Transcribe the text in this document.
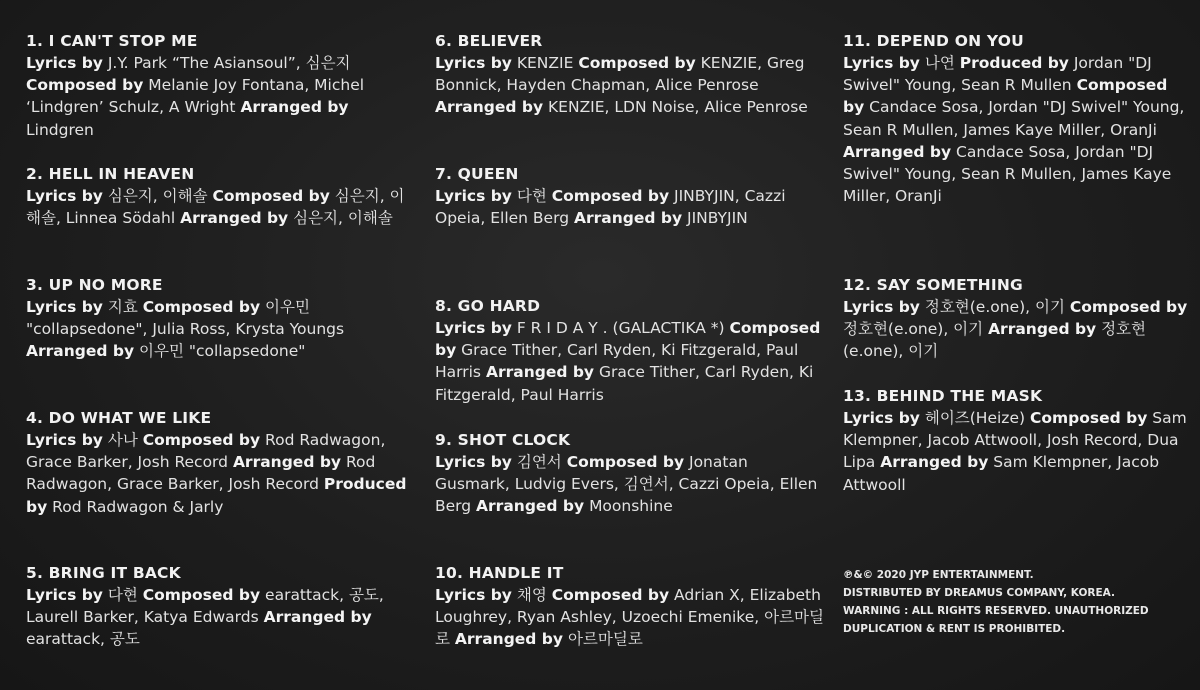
1. I CAN'T STOP ME

Lyrics by J.Y. Park “The Asiansoul”, 심은지 Composed by Melanie Joy Fontana, Michel ‘Lindgren’ Schulz, A Wright Arranged by Lindgren

2. HELL IN HEAVEN

Lyrics by 심은지, 이해솔 Composed by 심은지, 이해솔, Linnea Södahl Arranged by 심은지, 이해솔

3. UP NO MORE

Lyrics by 지효 Composed by 이우민 "collapsedone", Julia Ross, Krysta Youngs Arranged by 이우민 "collapsedone"

4. DO WHAT WE LIKE

Lyrics by 사나 Composed by Rod Radwagon, Grace Barker, Josh Record Arranged by Rod Radwagon, Grace Barker, Josh Record Produced by Rod Radwagon & Jarly

5. BRING IT BACK

Lyrics by 다현 Composed by earattack, 공도, Laurell Barker, Katya Edwards Arranged by earattack, 공도

6. BELIEVER

Lyrics by KENZIE Composed by KENZIE, Greg Bonnick, Hayden Chapman, Alice Penrose Arranged by KENZIE, LDN Noise, Alice Penrose

7. QUEEN

Lyrics by 다현 Composed by JINBYJIN, Cazzi Opeia, Ellen Berg Arranged by JINBYJIN

8. GO HARD

Lyrics by F R I D A Y . (GALACTIKA *) Composed by Grace Tither, Carl Ryden, Ki Fitzgerald, Paul Harris Arranged by Grace Tither, Carl Ryden, Ki Fitzgerald, Paul Harris

9. SHOT CLOCK

Lyrics by 김연서 Composed by Jonatan Gusmark, Ludvig Evers, 김연서, Cazzi Opeia, Ellen Berg Arranged by Moonshine

10. HANDLE IT

Lyrics by 채영 Composed by Adrian X, Elizabeth Loughrey, Ryan Ashley, Uzoechi Emenike, 아르마딜로 Arranged by 아르마딜로

11. DEPEND ON YOU

Lyrics by 나연 Produced by Jordan "DJ Swivel" Young, Sean R Mullen Composed by Candace Sosa, Jordan "DJ Swivel" Young, Sean R Mullen, James Kaye Miller, OranJi Arranged by Candace Sosa, Jordan "DJ Swivel" Young, Sean R Mullen, James Kaye Miller, OranJi

12. SAY SOMETHING

Lyrics by 정호현(e.one), 이기 Composed by 정호현(e.one), 이기 Arranged by 정호현(e.one), 이기

13. BEHIND THE MASK

Lyrics by 헤이즈(Heize) Composed by Sam Klempner, Jacob Attwooll, Josh Record, Dua Lipa Arranged by Sam Klempner, Jacob Attwooll

℗&© 2020 JYP ENTERTAINMENT.
DISTRIBUTED BY DREAMUS COMPANY, KOREA.
WARNING : ALL RIGHTS RESERVED. UNAUTHORIZED
DUPLICATION & RENT IS PROHIBITED.
